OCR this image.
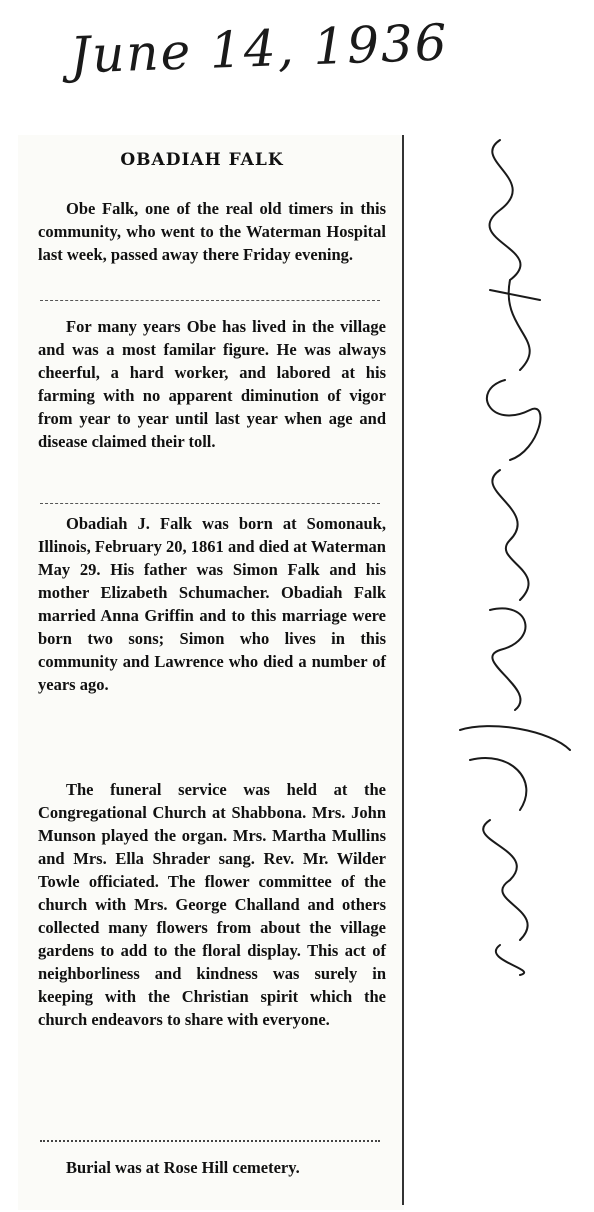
June 14, 1936
OBADIAH FALK

Obe Falk, one of the real old timers in this community, who went to the Waterman Hospital last week, passed away there Friday evening.

For many years Obe has lived in the village and was a most familar figure. He was always cheerful, a hard worker, and labored at his farming with no apparent diminution of vigor from year to year until last year when age and disease claimed their toll.

Obadiah J. Falk was born at Somonauk, Illinois, February 20, 1861 and died at Waterman May 29. His father was Simon Falk and his mother Elizabeth Schumacher. Obadiah Falk married Anna Griffin and to this marriage were born two sons; Simon who lives in this community and Lawrence who died a number of years ago.

The funeral service was held at the Congregational Church at Shabbona. Mrs. John Munson played the organ. Mrs. Martha Mullins and Mrs. Ella Shrader sang. Rev. Mr. Wilder Towle officiated. The flower committee of the church with Mrs. George Challand and others collected many flowers from about the village gardens to add to the floral display. This act of neighborliness and kindness was surely in keeping with the Christian spirit which the church endeavors to share with everyone.

Burial was at Rose Hill cemetery.
